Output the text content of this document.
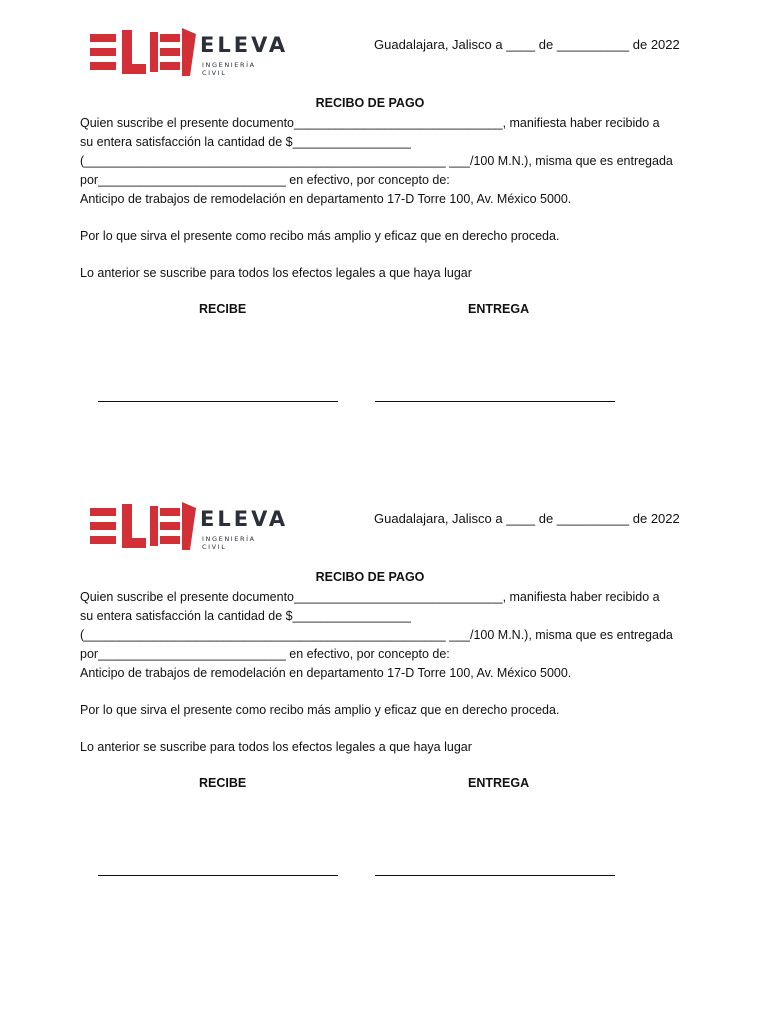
ELEVA
INGENIERÍA CIVIL
Guadalajara, Jalisco a ____ de __________ de 2022
RECIBO DE PAGO
Quien suscribe el presente documento______________________________, manifiesta haber recibido a
su entera satisfacción la cantidad de $_________________
(____________________________________________________ ___/100 M.N.), misma que es entregada
por___________________________ en efectivo, por concepto de:
Anticipo de trabajos de remodelación en departamento 17-D Torre 100, Av. México 5000.
Por lo que sirva el presente como recibo más amplio y eficaz que en derecho proceda.
Lo anterior se suscribe para todos los efectos legales a que haya lugar
RECIBE	ENTREGA
ELEVA
INGENIERÍA CIVIL
Guadalajara, Jalisco a ____ de __________ de 2022
RECIBO DE PAGO
Quien suscribe el presente documento______________________________, manifiesta haber recibido a
su entera satisfacción la cantidad de $_________________
(____________________________________________________ ___/100 M.N.), misma que es entregada
por___________________________ en efectivo, por concepto de:
Anticipo de trabajos de remodelación en departamento 17-D Torre 100, Av. México 5000.
Por lo que sirva el presente como recibo más amplio y eficaz que en derecho proceda.
Lo anterior se suscribe para todos los efectos legales a que haya lugar
RECIBE	ENTREGA
